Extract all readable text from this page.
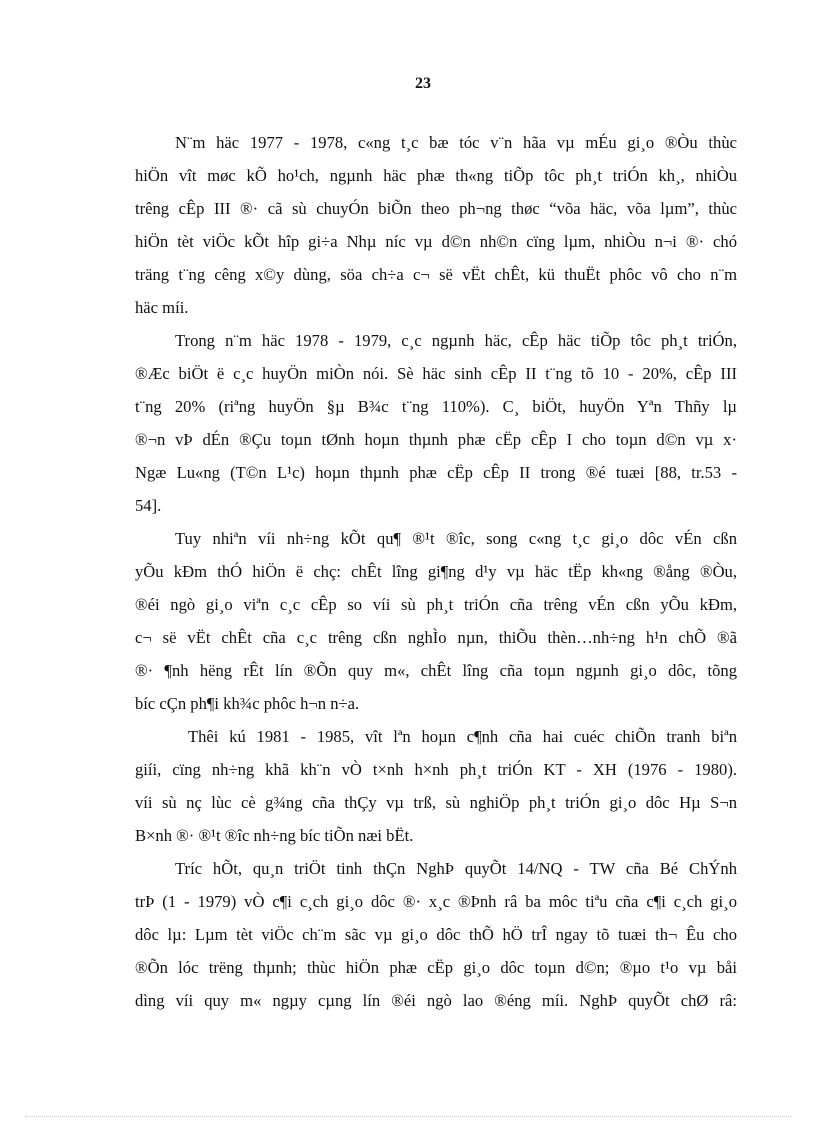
23
N¨m häc 1977 - 1978, c«ng t¸c bæ tóc v¨n hãa vµ mÉu gi¸o ®Òu thùc
hiÖn vît møc kÕ ho¹ch, ngµnh häc phæ th«ng tiÕp tôc ph¸t triÓn kh¸, nhiÒu
trêng cÊp III ®· cã sù chuyÓn biÕn theo ph¬ng thøc “võa häc, võa lµm”, thùc
hiÖn tèt viÖc kÕt hîp gi÷a Nhµ níc vµ d©n nh©n cïng lµm, nhiÒu n¬i ®· chó
träng t¨ng cêng x©y dùng, söa ch÷a c¬ së vËt chÊt, kü thuËt phôc vô cho n¨m
häc míi.
Trong n¨m häc 1978 - 1979, c¸c ngµnh häc, cÊp häc tiÕp tôc ph¸t triÓn,
®Æc biÖt ë c¸c huyÖn miÒn nói. Sè häc sinh cÊp II t¨ng tõ 10 - 20%, cÊp III
t¨ng 20% (riªng huyÖn §µ B¾c t¨ng 110%). C¸ biÖt, huyÖn Yªn Thñy lµ
®¬n vÞ dÉn ®Çu toµn tØnh hoµn thµnh phæ cËp cÊp I cho toµn d©n vµ x·
Ngæ Lu«ng (T©n L¹c) hoµn thµnh phæ cËp cÊp II trong ®é tuæi [88, tr.53 -
54].
Tuy nhiªn víi nh÷ng kÕt qu¶ ®¹t ®îc, song c«ng t¸c gi¸o dôc vÉn cßn
yÕu kÐm thÓ hiÖn ë chç: chÊt lîng gi¶ng d¹y vµ häc tËp kh«ng ®ång ®Òu,
®éi ngò gi¸o viªn c¸c cÊp so víi sù ph¸t triÓn cña trêng vÉn cßn yÕu kÐm,
c¬ së vËt chÊt cña c¸c trêng cßn nghÌo nµn, thiÕu thèn…nh÷ng h¹n chÕ ®ã
®· ¶nh hëng rÊt lín ®Õn quy m«, chÊt lîng cña toµn ngµnh gi¸o dôc, tõng
bíc cÇn ph¶i kh¾c phôc h¬n n÷a.
Thêi kú 1981 - 1985, vît lªn hoµn c¶nh cña hai cuéc chiÕn tranh biªn
giíi, cïng nh÷ng khã kh¨n vÒ t×nh h×nh ph¸t triÓn KT - XH (1976 - 1980).
víi sù nç lùc cè g¾ng cña thÇy vµ trß, sù nghiÖp ph¸t triÓn gi¸o dôc Hµ S¬n
B×nh ®· ®¹t ®îc nh÷ng bíc tiÕn næi bËt.
Tríc hÕt, qu¸n triÖt tinh thÇn NghÞ quyÕt 14/NQ - TW cña Bé ChÝnh
trÞ (1 - 1979) vÒ c¶i c¸ch gi¸o dôc ®· x¸c ®Þnh râ ba môc tiªu cña c¶i c¸ch gi¸o
dôc lµ: Lµm tèt viÖc ch¨m sãc vµ gi¸o dôc thÕ hÖ trÎ ngay tõ tuæi th¬ Êu cho
®Õn lóc trëng thµnh; thùc hiÖn phæ cËp gi¸o dôc toµn d©n; ®µo t¹o vµ båi
dìng víi quy m« ngµy cµng lín ®éi ngò lao ®éng míi. NghÞ quyÕt chØ râ:
